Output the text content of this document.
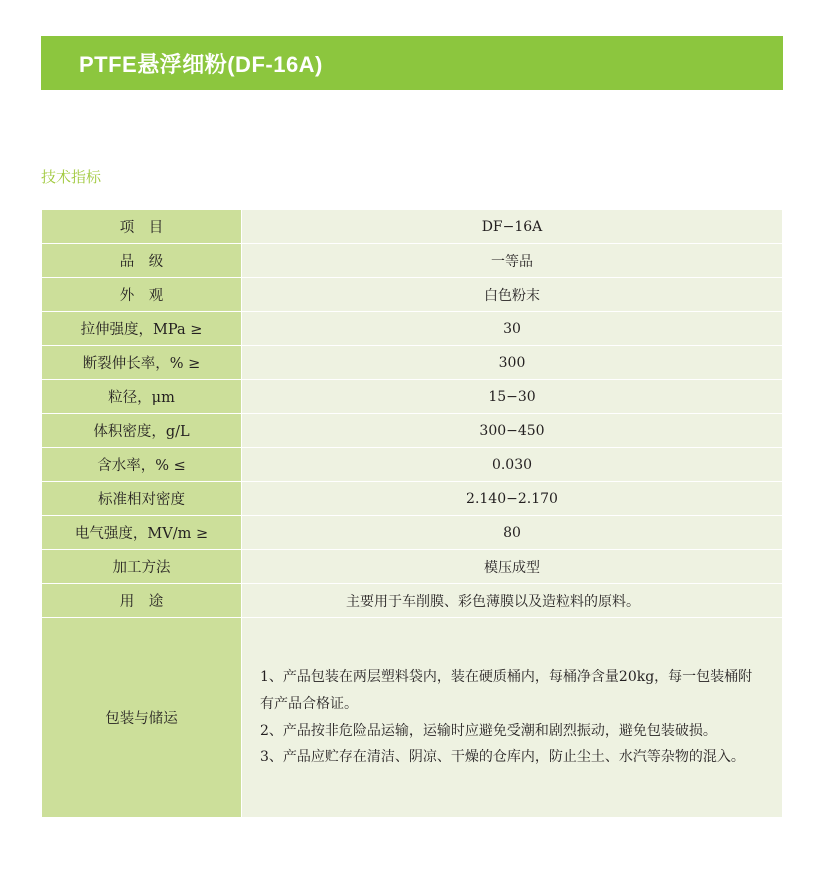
PTFE悬浮细粉(DF-16A)
技术指标
项　目	DF−16A
品　级	一等品
外　观	白色粉末
拉伸强度，MPa ≥	30
断裂伸长率，% ≥	300
粒径，μm	15−30
体积密度，g/L	300−450
含水率，% ≤	0.030
标准相对密度	2.140−2.170
电气强度，MV/m ≥	80
加工方法	模压成型
用　途	主要用于车削膜、彩色薄膜以及造粒料的原料。
包装与储运	1、产品包装在两层塑料袋内，装在硬质桶内，每桶净含量20kg，每一包装桶附有产品合格证。
2、产品按非危险品运输，运输时应避免受潮和剧烈振动，避免包装破损。
3、产品应贮存在清洁、阴凉、干燥的仓库内，防止尘土、水汽等杂物的混入。
